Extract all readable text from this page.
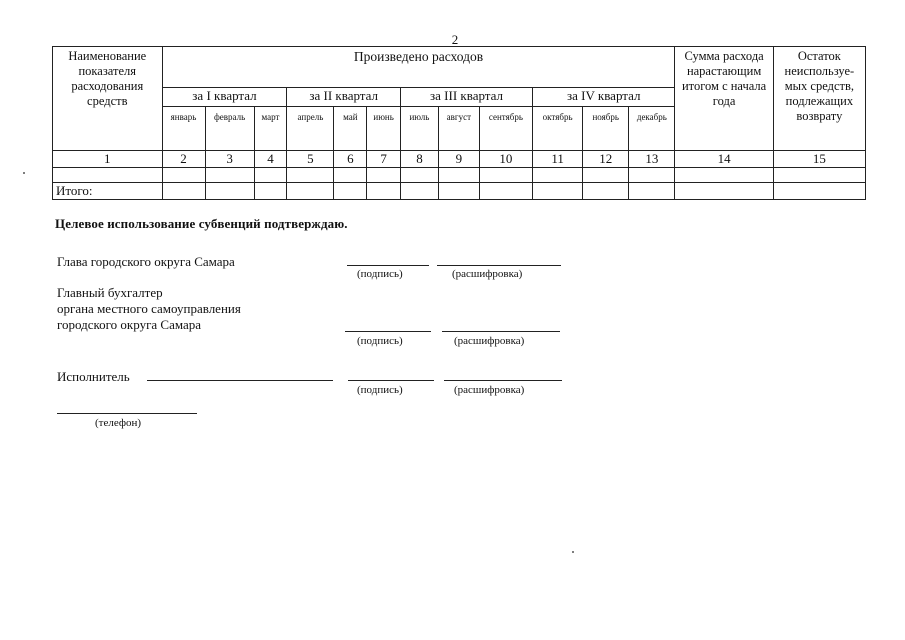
2
Наименование показателя расходования средств	Произведено расходов												Сумма расхода нарастающим итогом с начала года	Остаток неиспользуе-мых средств, подлежащих возврату
	за I квартал			за II квартал			за III квартал			за IV квартал				
	январь	февраль	март	апрель	май	июнь	июль	август	сентябрь	октябрь	ноябрь	декабрь		
1	2	3	4	5	6	7	8	9	10	11	12	13	14	15

Итого:														
Целевое использование субвенций подтверждаю.
Глава городского округа Самара
(подпись)	(расшифровка)
Главный бухгалтер
органа местного самоуправления
городского округа Самара
(подпись)	(расшифровка)
Исполнитель
(подпись)	(расшифровка)
(телефон)
